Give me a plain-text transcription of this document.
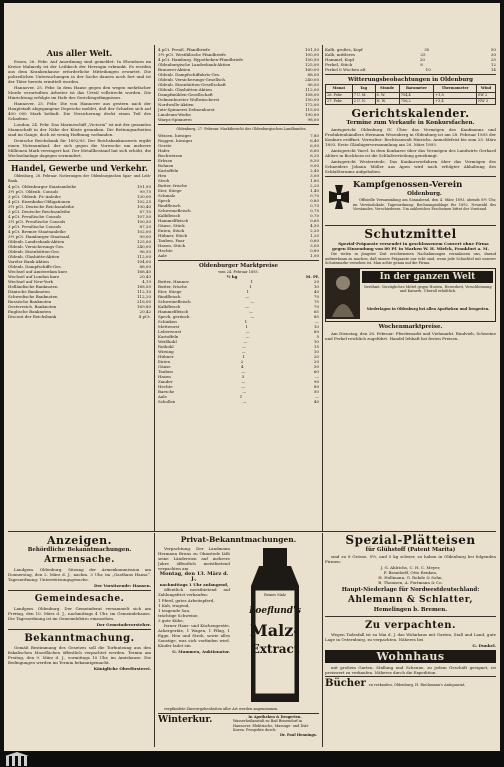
Aus aller Welt.
Essen, 26. Febr. Auf Anordnung sind gemeldet: In Elsenborn im Kreise Malmedy ist der Leibkoch der Herzogin erkrankt. Es werden aus dem Krankenhause erforderliche Mitteilungen erwartet. Die polizeilichen Untersuchungen in der Sache dauern noch fort und ist der Täter bereits ermittelt worden.
Hannover, 25. Febr. In dem Hause gegen den wegen mehrfacher Morde verurteilten Arbeiter ist das Urteil vollstreckt worden. Die Hinrichtung erfolgte im Hofe des Gerichtsgefängnisses.
Hannover, 25. Febr. Die von Hannover aus gestern nach der Hauptstadt abgegangene Depesche meldet, daß der Schaden sich auf 400 000 Mark beläuft. Die Versicherung deckt einen Teil des Schadens.
London, 24. Febr. Das Marineschiff „Victoria“ ist mit der gesamten Mannschaft in der Nähe der Küste gesunken. Die Rettungsarbeiten sind im Gange, doch ist wenig Hoffnung vorhanden.
Deutsche Reichsbank für 1892/93. Der Reichsbankausweis ergibt einen Notenumlauf, der sich gegen die Vorwoche um mehrere Millionen Mark verringert hat. Der Metallbestand hat sich erhöht, die Wechselanlage dagegen vermindert.
Handel, Gewerbe und Verkehr.
Oldenburg, 28. Februar. Notierungen der Oldenburgischen Spar- und Leih-Bank.
4 pCt. Oldenburger Staatsanleihe	101,50
3½ pCt. Oldenb. Consols	99,75
3 pCt. Oldenb. Pr.-Anleihe	130,00
4 pCt. Eisenbahn-Obligationen	102,25
3½ pCt. Deutsche Reichsanleihe	100,40
3 pCt. Deutsche Reichsanleihe	87,10
4 pCt. Preußische Consols	107,50
3½ pCt. Preußische Consols	100,50
3 pCt. Preußische Consols	87,20
4 pCt. Bremer Staatsanleihe	102,00
3½ pCt. Hamburger Staatsanl.	99,00
Oldenb. Landesbank-Aktien	125,00
Oldenb. Versicherungs-Ges.	240,00
Oldenb. Eisenhütten-Ges.	96,50
Oldenb. Glashütte-Aktien	112,00
Vareler Bank-Aktien	104,00
Oldenb. Dampfschiffs-Ges.	88,00
Wechsel auf Amsterdam kurz	168,40
Wechsel auf London kurz	20,43
Wechsel auf New-York	4,19
Holländische Banknoten	168,50
Dänische Banknoten	112,10
Schwedische Banknoten	112,20
Russische Banknoten	216,00
Oesterreich. Banknoten	169,80
Englische Banknoten	20,42
Discont der Reichsbank	4 pCt.
4 pCt. Preuß. Pfandbriefe	101,50
3½ pCt. Westfälische Pfandbriefe	100,00
4 pCt. Hamburg. Hypotheken-Pfandbriefe	100,50
Oldenburgische Landesbank-Aktien	125,00
Brauerei-Aktien	160,00
Oldenb. Dampfschiffahrts-Ges.	88,00
Oldenb. Versicherungs-Gesellsch.	240,00
Oldenb. Eisenhütten-Gesellschaft	96,50
Oldenb. Glashütten-Aktien	112,00
Dampfmühlen-Gesellschaft	108,00
Delmenhorster Wollwäscherei	150,00
Nordwolle-Aktien	172,00
Jute-Spinnerei Delmenhorst	115,00
Linoleum-Werke	190,00
Warps-Spinnerei	98,00
Oldenburg, 27. Februar. Marktbericht des Oldenburgischen Landbundes.
Weizen, hiesiger	7,80
Roggen, hiesiger	6,40
Gerste	6,90
Hafer	6,60
Buchweizen	6,20
Erbsen	8,50
Bohnen	9,00
Kartoffeln	2,40
Heu	3,00
Stroh	1,80
Butter, frische	2,20
Eier, Stiege	1,40
Schmalz	0,70
Speck	0,80
Rindfleisch	0,70
Schweinefleisch	0,75
Kalbfleisch	0,70
Hammelfleisch	0,65
Gänse, Stück	4,50
Enten, Stück	2,20
Hühner, Stück	1,20
Tauben, Paar	0,60
Hasen, Stück	3,00
Hechte	0,80
Aale	1,00
Oldenburger Marktpreise
vom 24. Februar 1893.
½ kg	M. Pf.
Butter, Hannov.	1	20
Butter, frische	1	10
Eier, Stiege	1	40
Rindfleisch	—	70
Schweinefleisch	—	75
Kalbfleisch	—	70
Hammelfleisch	—	65
Speck, geräuch.	—	85
Schinken	1	—
Mettwurst	1	10
Leberwurst	—	60
Kartoffeln	—	5
Weißkohl	—	10
Rotkohl	—	15
Wirsing	—	10
Hühner	1	20
Enten	2	20
Gänse	4	50
Tauben	—	60
Hasen	3	—
Zander	—	90
Hechte	—	80
Barsche	—	50
Aale	1	—
Schollen	—	40
Kalb, großes, Kopf	35	50
Kalb, mittleres	25	30
Hammel, Kopf	20	25
Ferkel, Stück	8	12
Ferkel 6 Wochen alt	10	14
Witterungsbeobachtungen in Oldenburg
Monat	Tag	Stunde	Barometer	Thermometer	Wind
26. Febr.	7 U. M.	S. W.	754,4	+1,8	SW 2
27. Febr.	2 U. N.	N. W.	756,2	+3,4	NW 3
Gerichtskalender.
Termine zum Verkaufe in Konkursfachen.
Amtsgericht Oldenburg IV. Über das Vermögen des Kaufmanns und Produktenhändlers Hermann Wesenberg in Oldenburg ist am 28. Februar 1893 der Konkurs eröffnet. Verwalter: Rechtsanwalt Hinrichs. Anmeldefrist bis zum 25. März 1893. Erste Gläubigerversammlung am 20. März 1893.
Amtsgericht Varel. In dem Konkurse über das Vermögen des Landwirts Gerhard Ahlers in Bockhorn ist die Schlußverteilung genehmigt.
Amtsgericht Westerstede. Das Konkursverfahren über das Vermögen des Schneiders Johann Müller aus Apen wird nach erfolgter Abhaltung des Schlußtermins aufgehoben.
Kampfgenossen-Verein
Oldenburg.
Offizielle Versammlung am Sonnabend, den 4. März 1893, abends 8½ Uhr, im Vereinslokale. Tagesordnung: Rechnungsablage für 1892. Neuwahl des Vorstandes. Verschiedenes. Um zahlreiches Erscheinen bittet der Vorstand.
Schutzmittel
Spezial-Präparate versendet in geschlossenem Couvert ohne Firma gegen Einsendung von 80 Pf. in Marken W. H. Mielck, Frankfurt a. M.
Die vielen in jüngster Zeit erschienenen Nachahmungen veranlassen uns, darauf aufmerksam zu machen, daß unsere Präparate nur echt sind, wenn jede Schachtel mit unserer Schutzmarke versehen ist. Man achte genau auf die Firma.
In der ganzen Welt
berühmt. Vorzügliches Mittel gegen Husten, Heiserkeit, Verschleimung und Katarrh. Überall erhältlich.
Niederlagen in Oldenburg bei allen Apotheken und Drogerien.
Wochenmarktpreise.
Am Dienstag, den 28. Februar: Pferdemarkt und Viehmarkt. Rindvieh, Schweine und Ferkel reichlich zugeführt. Handel lebhaft bei festen Preisen.
Anzeigen.
Behördliche Bekanntmachungen.
Armensache.
Landgem. Oldenburg. Sitzung der Armenkommission am Donnerstag, den 2. März d. J., nachm. 3 Uhr, im „Gasthaus Hansa“. Tagesordnung: Unterstützungsgesuche.
Der Vorsitzende: Hansen.
Gemeindesache.
Landgem. Oldenburg. Der Gemeinderat versammelt sich am Freitag, den 10. März d. J., nachmittags 4 Uhr, im Gemeindehause. Die Tagesordnung ist im Gemeindebüro einzusehen.
Der Gemeindevorsteher.
Bekanntmachung.
Gemäß Bestimmung des Gesetzes soll die Torfnutzung aus den fiskalischen Moorflächen öffentlich verpachtet werden. Termin am Freitag, den 9. März d. J., vormittags 10 Uhr, im Amtshause. Die Bedingungen werden im Termin bekanntgemacht.
Königliche Oberförsterei.
Privat-Bekanntmachungen.
Verpachtung. Der Landmann Hermann Bruns zu Ohmstede läßt seine Ländereien auf mehrere Jahre öffentlich meistbietend verpachten am
Montag, den 13. März d. J.,
nachmittags 1 Uhr anfangend,
öffentlich meistbietend auf Zahlungsfrist verkaufen:
1 Pferd, gutes Arbeitspferd,
1 Kuh, tragend,
1 tragende Sau,
trächtige Schweine,
3 gute Kühe,
ferner Haus- und Küchengeräte, Ackergeräte, 1 Wagen, 1 Pflug, 1 Egge, Heu und Stroh, sowie alles Sonstige, was sich vorfinden wird. Käufer ladet ein
G. Mammen, Auktionator.
Reines Malz
Loeflund's
Malz-
Extract
verpfändete Zinsvergehenheiten aller Art werden angenommen.
Winterkur.	In Apotheken & Drogerien.
Wasserheilanstalt zu Bad Bissendorf in Hannover. Elektrische, Massage- und Diät-Kuren. Prospekte durch:
Dr. Paul Hennings.
Spezial-Plätteisen
für Glühstoff (Patent Marita)
sind zu 8 Grösse, 5½, und 5 kg schwer, zu haben in Oldenburg bei folgenden Firmen:
J. G. Ahlrichs, C. H. C. Meyer,
F. Brandorff, Otto Renken,
H. Hollmann, G. Rohde & Sohn,
B. Thomsen, A. Portmann & Co.
Haupt-Niederlage für Nordwestdeutschland:
Ahlemann & Schlatter,
Hemelingen b. Bremen.
Zu verpachten.
Wegen Todesfall ist zu Mai d. J. das Wohnhaus mit Garten, Stall und Land, gute Lage in Osternburg, zu verpachten. Näheres bei
G. Dunkel.
Wohnhaus
mit großem Garten, Stallung und Scheune, zu jedem Geschäft geeignet, ist preiswert zu verkaufen. Näheres durch die Expedition.
Bücher zu verkaufen, Oldenburg, H. Rieckmann's Antiquariat.
